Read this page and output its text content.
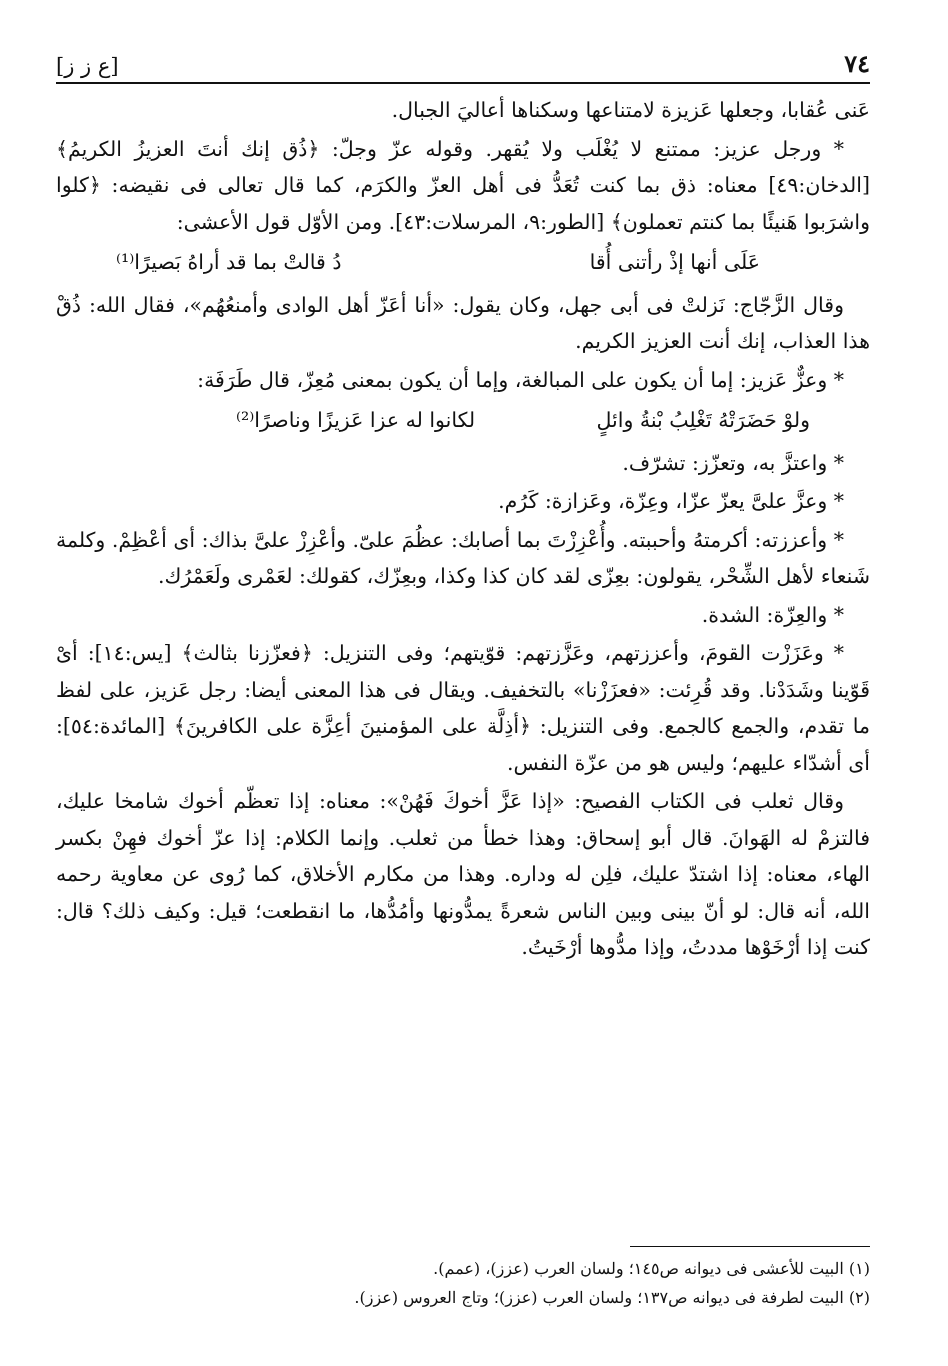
[ع ز ز]	٧٤

عَنى عُقابا، وجعلها عَزيزة لامتناعها وسكناها أعاليَ الجبال.

* ورجل عزيز: ممتنع لا يُغْلَب ولا يُقهر. وقوله عزّ وجلّ: ﴿ذُق إنك أنتَ العزيزُ الكريمُ﴾ [الدخان:٤٩] معناه: ذق بما كنت تُعَدُّ فى أهل العزّ والكرَم، كما قال تعالى فى نقيضه: ﴿كلوا واشرَبوا هَنيئًا بما كنتم تعملون﴾ [الطور:٩، المرسلات:٤٣]. ومن الأوّل قول الأعشى:

عَلَى أنها إذْ رأتنى أُقا
دُ قالتْ بما قد أراهُ بَصيرًا⁽¹⁾

وقال الزَّجّاج: نَزلتْ فى أبى جهل، وكان يقول: «أنا أعَزّ أهل الوادى وأمنعُهُم»، فقال الله: ذُقْ هذا العذاب، إنك أنت العزيز الكريم.

* وعزٌّ عَزيز: إما أن يكون على المبالغة، وإما أن يكون بمعنى مُعِزّ، قال طَرَفَة:

ولوْ حَضَرَتْهُ تَغْلِبُ بْنةُ وائلٍ
لكانوا له عزا عَزيزًا وناصرًا⁽²⁾

* واعتزَّ به، وتعزّز: تشرّف.

* وعزَّ علىَّ يعزّ عزّا، وعِزّة، وعَزازة: كَرُم.

* وأعززته: أكرمتهُ وأحببته. وأُعْزِزْتَ بما أصابك: عظُمَ علىّ. وأعْزِزْ علىَّ بذاك: أى أعْظِمْ. وكلمة شَنعاء لأهل الشِّحْر، يقولون: بعِزّى لقد كان كذا وكذا، وبعِزّك، كقولك: لعَمْرى ولَعَمْرُك.

* والعِزّة: الشدة.

* وعَزَزْت القومَ، وأعززتهم، وعَزَّزتهم: قوّيتهم؛ وفى التنزيل: ﴿فعزّزنا بثالث﴾ [يس:١٤]: أىْ قَوّينا وشَدَدْنا. وقد قُرِئت: «فعزَزْنا» بالتخفيف. ويقال فى هذا المعنى أيضا: رجل عَزيز، على لفظ ما تقدم، والجمع كالجمع. وفى التنزيل: ﴿أذِلَّة على المؤمنينَ أعِزَّة على الكافرينَ﴾ [المائدة:٥٤]: أى أشدّاء عليهم؛ وليس هو من عزّة النفس.

وقال ثعلب فى الكتاب الفصيح: «إذا عَزَّ أخوكَ فَهُنْ»: معناه: إذا تعظّم أخوك شامخا عليك، فالتزمْ له الهَوانَ. قال أبو إسحاق: وهذا خطأ من ثعلب. وإنما الكلام: إذا عزّ أخوك فهِنْ بكسر الهاء، معناه: إذا اشتدّ عليك، فلِن له وداره. وهذا من مكارم الأخلاق، كما رُوى عن معاوية رحمه الله، أنه قال: لو أنّ بينى وبين الناس شعرةً يمدُّونها وأمُدُّها، ما انقطعت؛ قيل: وكيف ذلك؟ قال: كنت إذا أرْخَوْها مددتُ، وإذا مدُّوها أرْخَيتُ.

(١) البيت للأعشى فى ديوانه ص١٤٥؛ ولسان العرب (عزز)، (عمم).
(٢) البيت لطرفة فى ديوانه ص١٣٧؛ ولسان العرب (عزز)؛ وتاج العروس (عزز).
